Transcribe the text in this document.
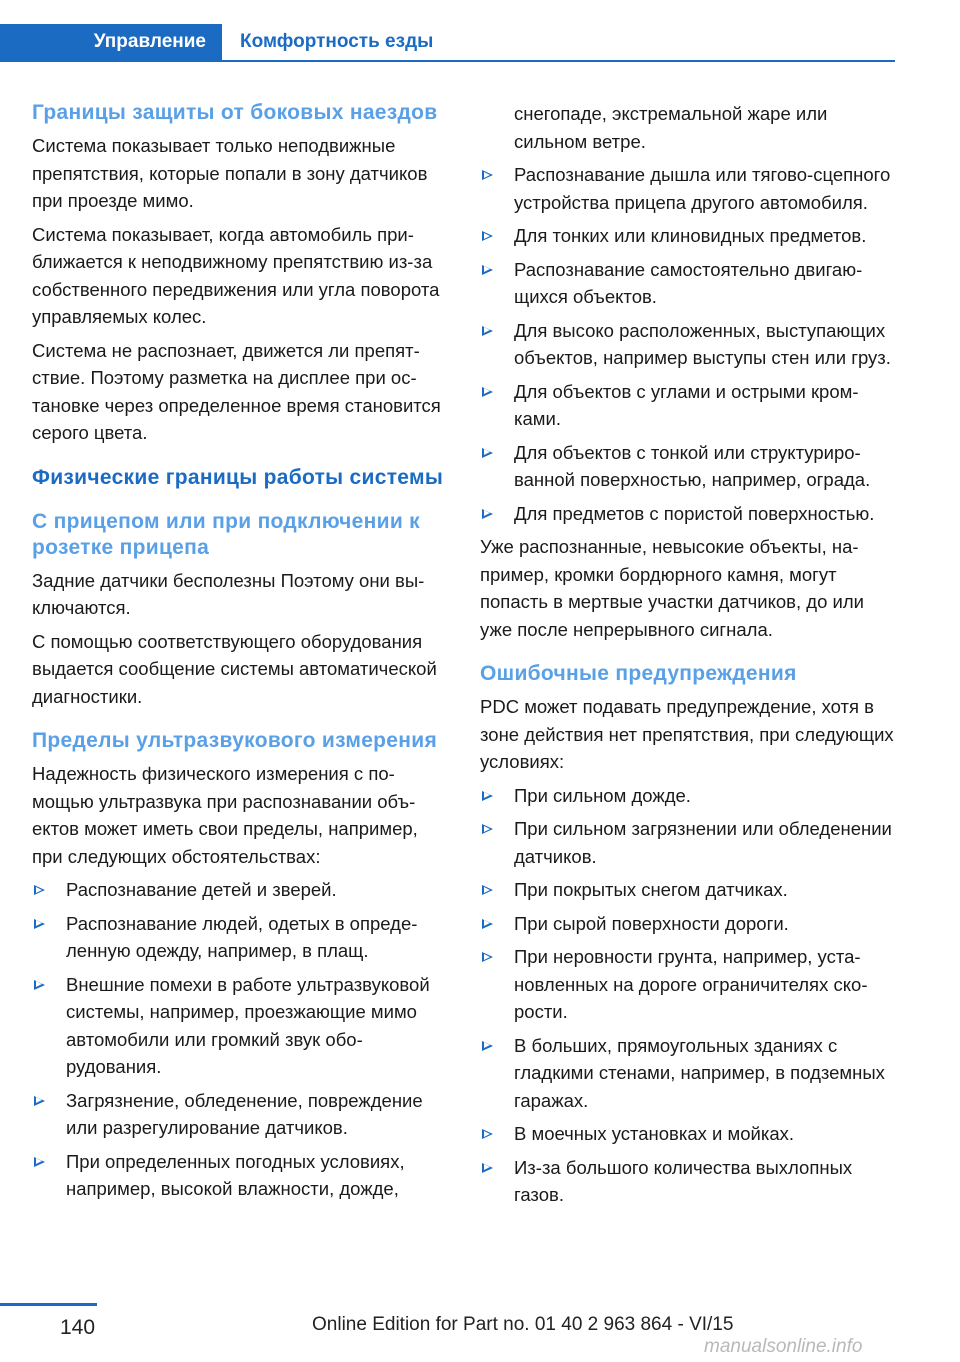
Управление	Комфортность езды
Границы защиты от боковых наездов

Система показывает только неподвижные препятствия, которые попали в зону датчиков при проезде мимо.

Система показывает, когда автомобиль приближается к неподвижному препятствию из-за собственного передвижения или угла поворота управляемых колес.

Система не распознает, движется ли препятствие. Поэтому разметка на дисплее при остановке через определенное время становится серого цвета.

Физические границы работы системы
С прицепом или при подключении к розетке прицепа

Задние датчики бесполезны Поэтому они выключаются.

С помощью соответствующего оборудования выдается сообщение системы автоматической диагностики.

Пределы ультразвукового измерения

Надежность физического измерения с помощью ультразвука при распознавании объектов может иметь свои пределы, например, при следующих обстоятельствах:

Распознавание детей и зверей.
Распознавание людей, одетых в определенную одежду, например, в плащ.
Внешние помехи в работе ультразвуковой системы, например, проезжающие мимо автомобили или громкий звук оборудования.
Загрязнение, обледенение, повреждение или разрегулирование датчиков.
При определенных погодных условиях, например, высокой влажности, дожде,

снегопаде, экстремальной жаре или сильном ветре.

Распознавание дышла или тягово-сцепного устройства прицепа другого автомобиля.
Для тонких или клиновидных предметов.
Распознавание самостоятельно двигающихся объектов.
Для высоко расположенных, выступающих объектов, например выступы стен или груз.
Для объектов с углами и острыми кромками.
Для объектов с тонкой или структурированной поверхностью, например, ограда.
Для предметов с пористой поверхностью.

Уже распознанные, невысокие объекты, например, кромки бордюрного камня, могут попасть в мертвые участки датчиков, до или уже после непрерывного сигнала.

Ошибочные предупреждения

PDC может подавать предупреждение, хотя в зоне действия нет препятствия, при следующих условиях:

При сильном дожде.
При сильном загрязнении или обледенении датчиков.
При покрытых снегом датчиках.
При сырой поверхности дороги.
При неровности грунта, например, установленных на дороге ограничителях скорости.
В больших, прямоугольных зданиях с гладкими стенами, например, в подземных гаражах.
В моечных установках и мойках.
Из-за большого количества выхлопных газов.
140	Online Edition for Part no. 01 40 2 963 864 - VI/15
manualsonline.info
